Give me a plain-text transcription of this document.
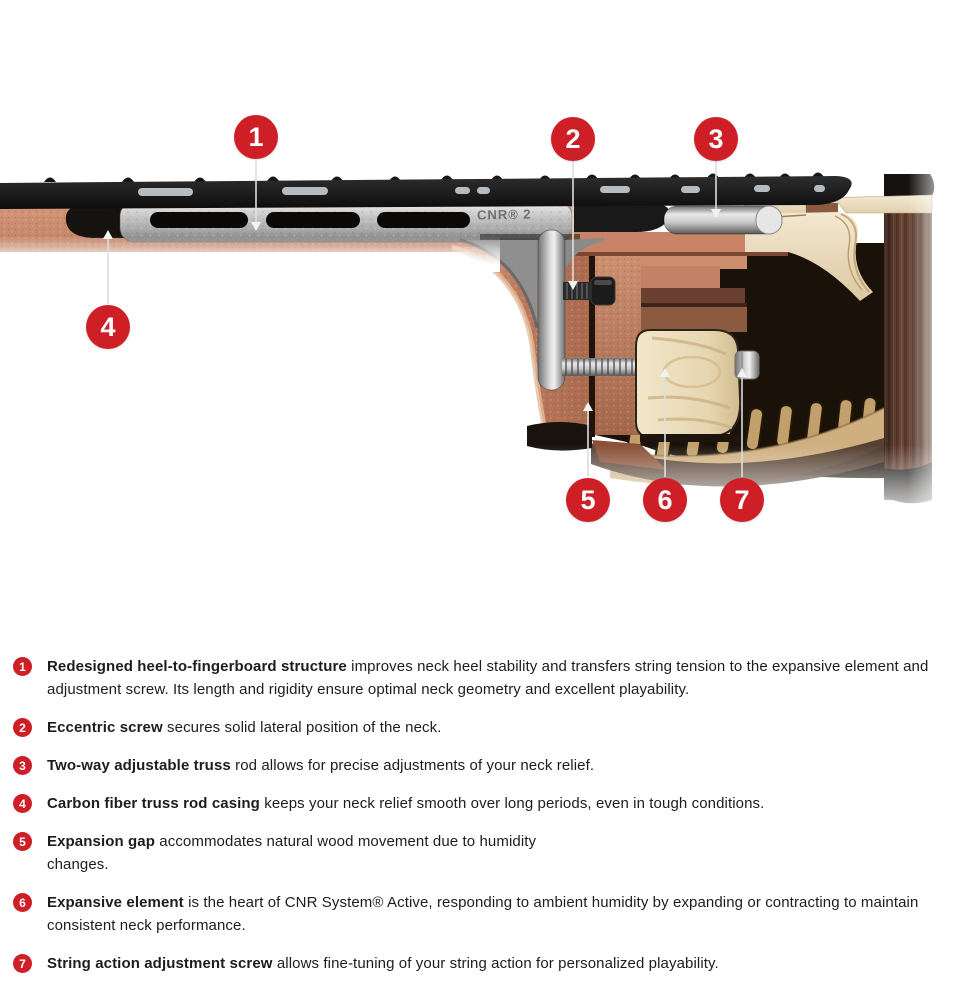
CNR® 2
1	2	3
4
5 6 7
1	Redesigned heel-to-fingerboard structure improves neck heel stability and transfers string tension to the expansive element and adjustment screw. Its length and rigidity ensure optimal neck geometry and excellent playability.
2	Eccentric screw secures solid lateral position of the neck.
3	Two-way adjustable truss rod allows for precise adjustments of your neck relief.
4	Carbon fiber truss rod casing keeps your neck relief smooth over long periods, even in tough conditions.
5	Expansion gap accommodates natural wood movement due to humidity
changes.
6	Expansive element is the heart of CNR System® Active, responding to ambient humidity by expanding or contracting to maintain consistent neck performance.
7	String action adjustment screw allows fine-tuning of your string action for personalized playability.
